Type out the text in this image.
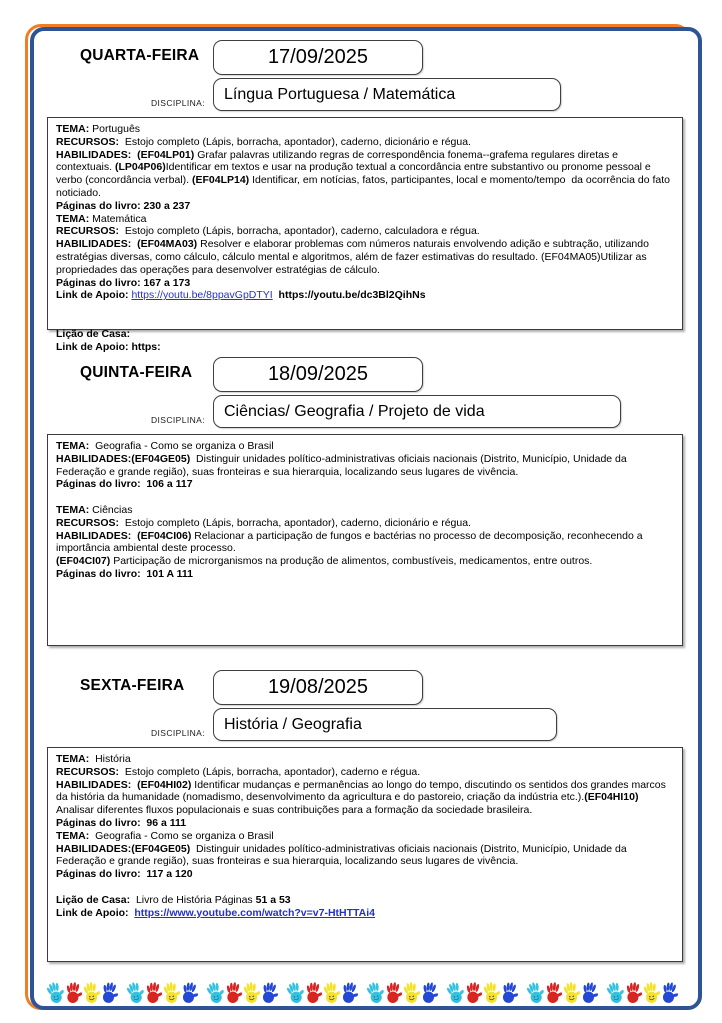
QUARTA-FEIRA	17/09/2025
DISCIPLINA:
Língua Portuguesa / Matemática
TEMA: Português
RECURSOS:  Estojo completo (Lápis, borracha, apontador), caderno, dicionário e régua.
HABILIDADES:  (EF04LP01) Grafar palavras utilizando regras de correspondência fonema--grafema regulares diretas e contextuais. (LP04P06)Identificar em textos e usar na produção textual a concordância entre substantivo ou pronome pessoal e verbo (concordância verbal). (EF04LP14) Identificar, em notícias, fatos, participantes, local e momento/tempo  da ocorrência do fato noticiado.
Páginas do livro: 230 a 237
TEMA: Matemática
RECURSOS:  Estojo completo (Lápis, borracha, apontador), caderno, calculadora e régua.
HABILIDADES:  (EF04MA03) Resolver e elaborar problemas com números naturais envolvendo adição e subtração, utilizando estratégias diversas, como cálculo, cálculo mental e algoritmos, além de fazer estimativas do resultado. (EF04MA05)Utilizar as propriedades das operações para desenvolver estratégias de cálculo.
Páginas do livro: 167 a 173
Link de Apoio: https://youtu.be/8ppavGpDTYI https://youtu.be/dc3Bl2QihNs

Lição de Casa:
Link de Apoio: https:
QUINTA-FEIRA	18/09/2025
DISCIPLINA:
Ciências/ Geografia / Projeto de vida
TEMA:  Geografia - Como se organiza o Brasil
HABILIDADES:(EF04GE05)  Distinguir unidades político-administrativas oficiais nacionais (Distrito, Município, Unidade da Federação e grande região), suas fronteiras e sua hierarquia, localizando seus lugares de vivência.
Páginas do livro:  106 a 117

TEMA: Ciências
RECURSOS:  Estojo completo (Lápis, borracha, apontador), caderno, dicionário e régua.
HABILIDADES:  (EF04CI06) Relacionar a participação de fungos e bactérias no processo de decomposição, reconhecendo a importância ambiental deste processo.
(EF04CI07) Participação de microrganismos na produção de alimentos, combustíveis, medicamentos, entre outros.
Páginas do livro:  101 A 111
SEXTA-FEIRA	19/08/2025
DISCIPLINA:
História / Geografia
TEMA:  História
RECURSOS:  Estojo completo (Lápis, borracha, apontador), caderno e régua.
HABILIDADES:  (EF04HI02) Identificar mudanças e permanências ao longo do tempo, discutindo os sentidos dos grandes marcos da história da humanidade (nomadismo, desenvolvimento da agricultura e do pastoreio, criação da indústria etc.).(EF04HI10) Analisar diferentes fluxos populacionais e suas contribuições para a formação da sociedade brasileira.
Páginas do livro:  96 a 111
TEMA:  Geografia - Como se organiza o Brasil
HABILIDADES:(EF04GE05)  Distinguir unidades político-administrativas oficiais nacionais (Distrito, Município, Unidade da Federação e grande região), suas fronteiras e sua hierarquia, localizando seus lugares de vivência.
Páginas do livro:  117 a 120

Lição de Casa:  Livro de História Páginas 51 a 53
Link de Apoio:  https://www.youtube.com/watch?v=v7-HtHTTAi4
